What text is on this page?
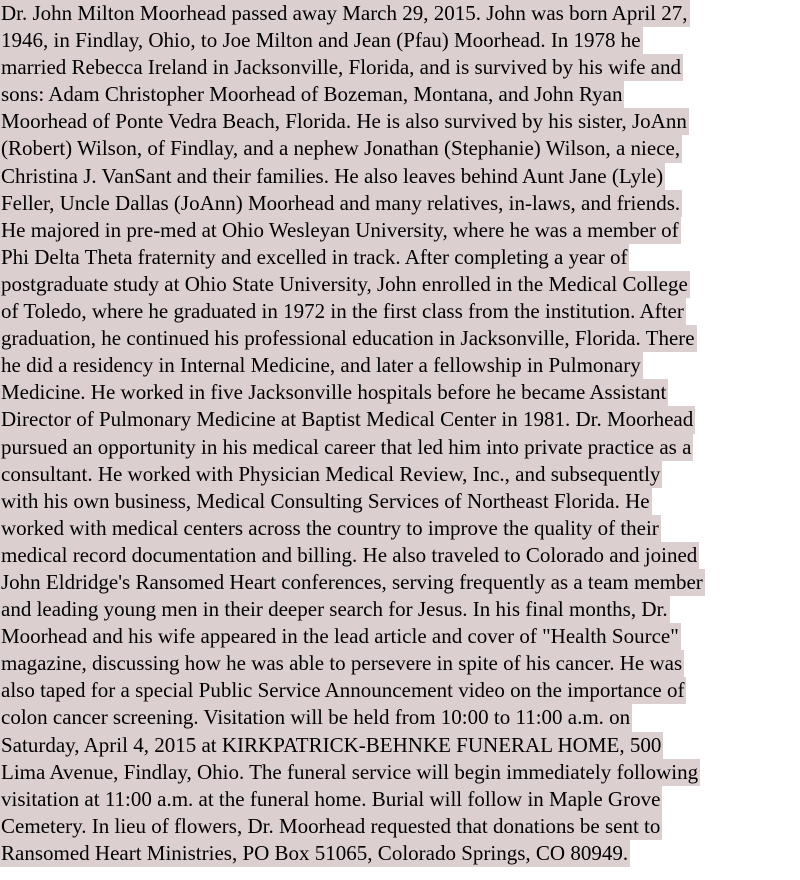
Dr. John Milton Moorhead passed away March 29, 2015. John was born April 27,
1946, in Findlay, Ohio, to Joe Milton and Jean (Pfau) Moorhead. In 1978 he
married Rebecca Ireland in Jacksonville, Florida, and is survived by his wife and
sons: Adam Christopher Moorhead of Bozeman, Montana, and John Ryan
Moorhead of Ponte Vedra Beach, Florida. He is also survived by his sister, JoAnn
(Robert) Wilson, of Findlay, and a nephew Jonathan (Stephanie) Wilson, a niece,
Christina J. VanSant and their families. He also leaves behind Aunt Jane (Lyle)
Feller, Uncle Dallas (JoAnn) Moorhead and many relatives, in-laws, and friends.
He majored in pre-med at Ohio Wesleyan University, where he was a member of
Phi Delta Theta fraternity and excelled in track. After completing a year of
postgraduate study at Ohio State University, John enrolled in the Medical College
of Toledo, where he graduated in 1972 in the first class from the institution. After
graduation, he continued his professional education in Jacksonville, Florida. There
he did a residency in Internal Medicine, and later a fellowship in Pulmonary
Medicine. He worked in five Jacksonville hospitals before he became Assistant
Director of Pulmonary Medicine at Baptist Medical Center in 1981. Dr. Moorhead
pursued an opportunity in his medical career that led him into private practice as a
consultant. He worked with Physician Medical Review, Inc., and subsequently
with his own business, Medical Consulting Services of Northeast Florida. He
worked with medical centers across the country to improve the quality of their
medical record documentation and billing. He also traveled to Colorado and joined
John Eldridge's Ransomed Heart conferences, serving frequently as a team member
and leading young men in their deeper search for Jesus. In his final months, Dr.
Moorhead and his wife appeared in the lead article and cover of "Health Source"
magazine, discussing how he was able to persevere in spite of his cancer. He was
also taped for a special Public Service Announcement video on the importance of
colon cancer screening. Visitation will be held from 10:00 to 11:00 a.m. on
Saturday, April 4, 2015 at KIRKPATRICK-BEHNKE FUNERAL HOME, 500
Lima Avenue, Findlay, Ohio. The funeral service will begin immediately following
visitation at 11:00 a.m. at the funeral home. Burial will follow in Maple Grove
Cemetery. In lieu of flowers, Dr. Moorhead requested that donations be sent to
Ransomed Heart Ministries, PO Box 51065, Colorado Springs, CO 80949.
